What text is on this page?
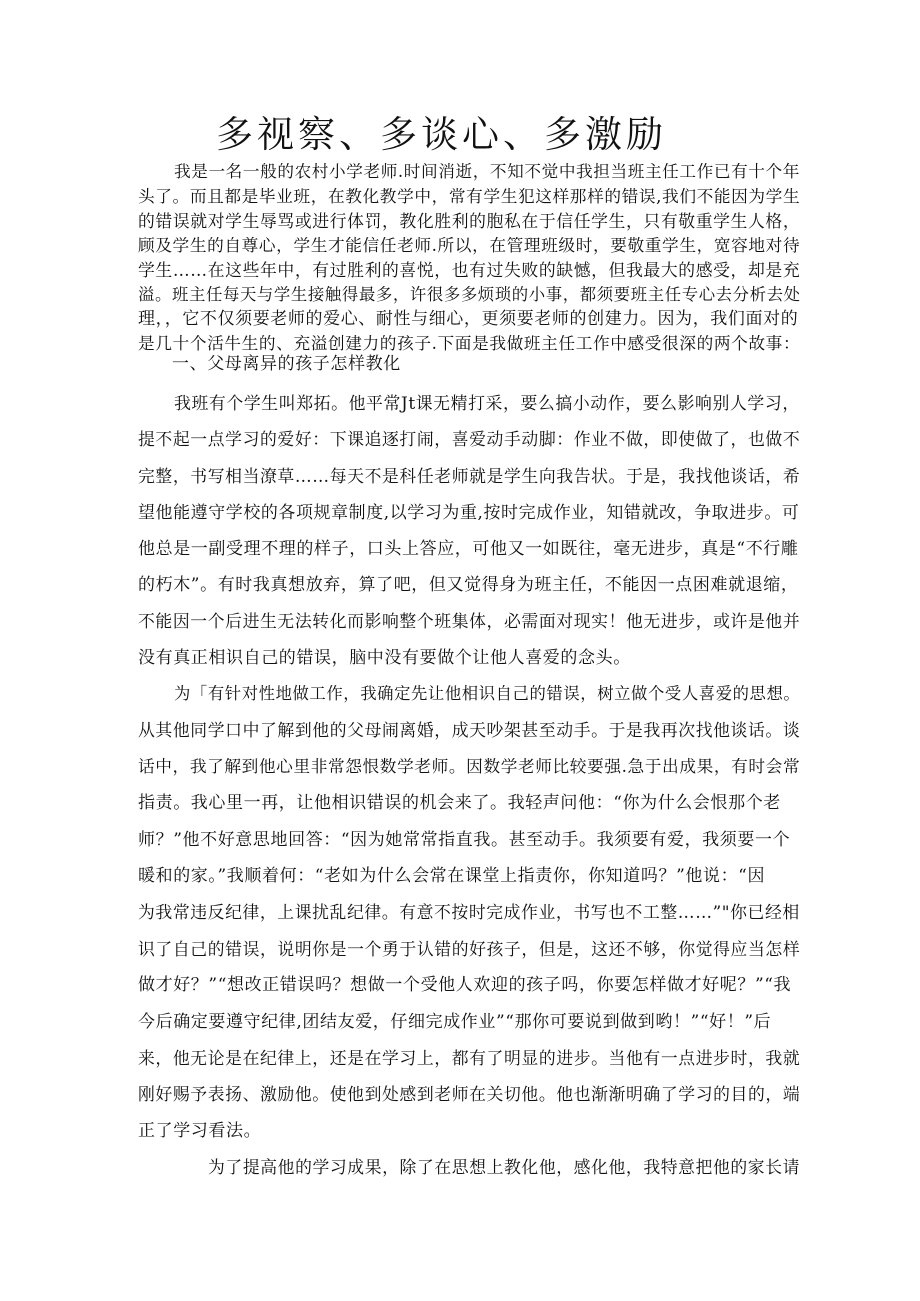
多视察、多谈心、多激励

我是一名一般的农村小学老师.时间消逝，不知不觉中我担当班主任工作已有十个年

头了。而且都是毕业班，在教化教学中，常有学生犯这样那样的错误,我们不能因为学生

的错误就对学生辱骂或进行体罚，教化胜利的胞私在于信任学生，只有敬重学生人格，

顾及学生的自尊心，学生才能信任老师.所以，在管理班级时，要敬重学生，宽容地对待

学生……在这些年中，有过胜利的喜悦，也有过失败的缺憾，但我最大的感受，却是充

溢。班主任每天与学生接触得最多，许很多多烦琐的小事，都须要班主任专心去分析去处

理，，它不仅须要老师的爱心、耐性与细心，更须要老师的创建力。因为，我们面对的

是几十个活牛生的、充溢创建力的孩子.下面是我做班主任工作中感受很深的两个故事：

一、父母离异的孩子怎样教化

我班有个学生叫郑拓。他平常Jt课无精打采，要么搞小动作，要么影响别人学习，

提不起一点学习的爱好：下课追逐打闹，喜爱动手动脚：作业不做，即使做了，也做不

完整，书写相当潦草……每天不是科任老师就是学生向我告状。于是，我找他谈话，希

望他能遵守学校的各项规章制度,以学习为重,按时完成作业，知错就改，争取进步。可

他总是一副受理不理的样子，口头上答应，可他又一如既往，毫无进步，真是“不行雕

的朽木”。有时我真想放弃，算了吧，但又觉得身为班主任，不能因一点困难就退缩，

不能因一个后进生无法转化而影响整个班集体，必需面对现实！他无进步，或许是他并

没有真正相识自己的错误，脑中没有要做个让他人喜爱的念头。

为「有针对性地做工作，我确定先让他相识自己的错误，树立做个受人喜爱的思想。

从其他同学口中了解到他的父母闹离婚，成天吵架甚至动手。于是我再次找他谈话。谈

话中，我了解到他心里非常怨恨数学老师。因数学老师比较要强.急于出成果，有时会常

指责。我心里一再，让他相识错误的机会来了。我轻声问他：“你为什么会恨那个老

师？”他不好意思地回答：“因为她常常指直我。甚至动手。我须要有爱，我须要一个

暖和的家。”我顺着何：“老如为什么会常在课堂上指责你，你知道吗？”他说：“因

为我常违反纪律，上课扰乱纪律。有意不按时完成作业，书写也不工整……”"你已经相

识了自己的错误，说明你是一个勇于认错的好孩子，但是，这还不够，你觉得应当怎样

做才好？”“想改正错误吗？想做一个受他人欢迎的孩子吗，你要怎样做才好呢？”“我

今后确定要遵守纪律,团结友爱，仔细完成作业”“那你可要说到做到哟！”“好！”后

来，他无论是在纪律上，还是在学习上，都有了明显的进步。当他有一点进步时，我就

刚好赐予表扬、激励他。使他到处感到老师在关切他。他也渐渐明确了学习的目的，端

正了学习看法。

为了提高他的学习成果，除了在思想上教化他，感化他，我特意把他的家长请
